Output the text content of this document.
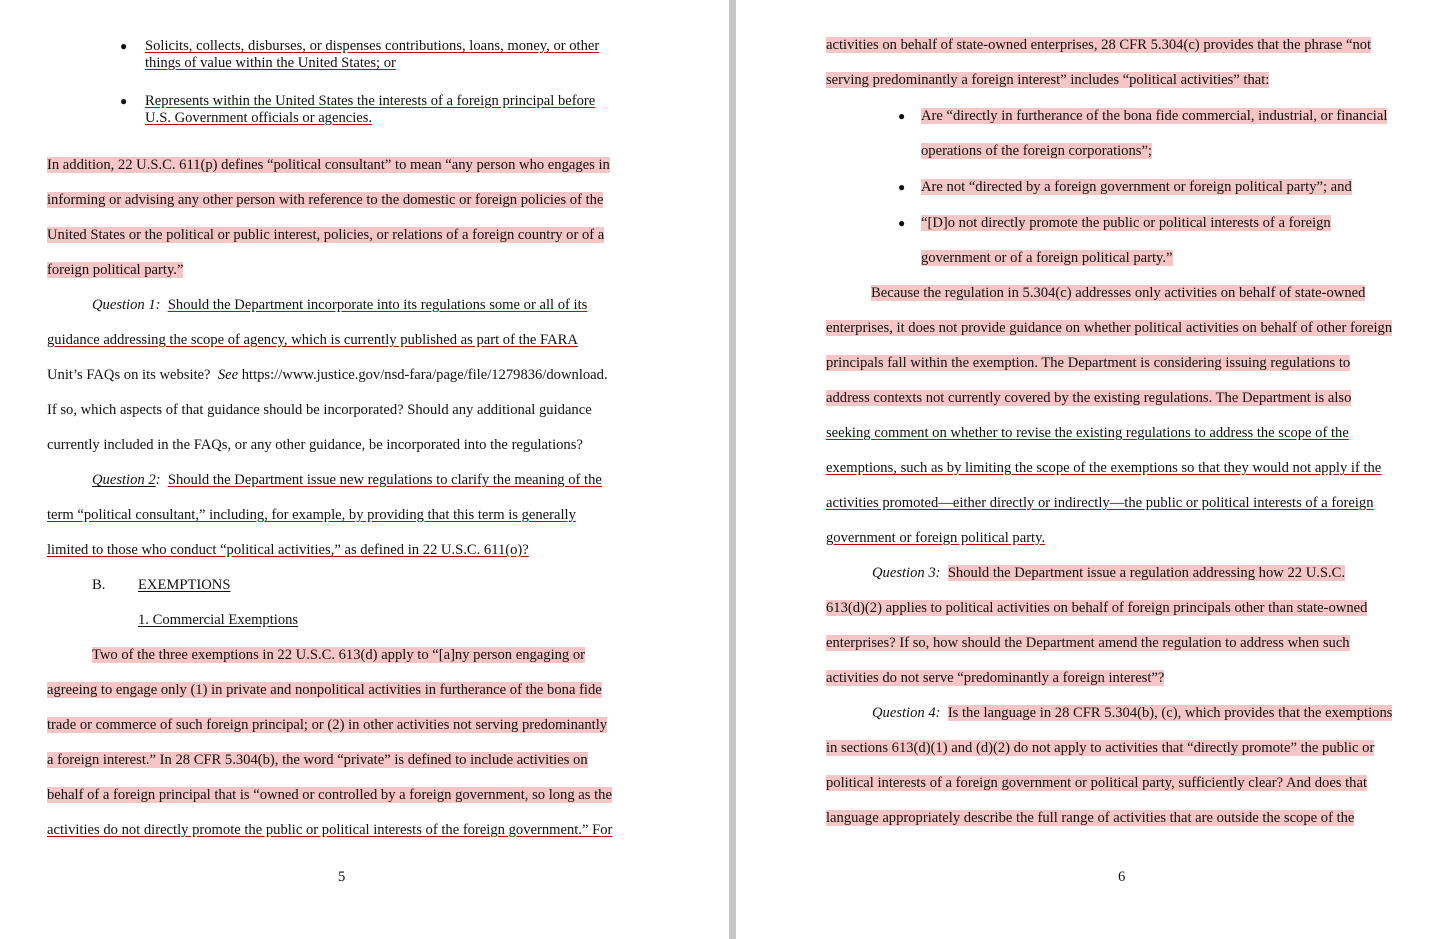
● Solicits, collects, disburses, or dispenses contributions, loans, money, or other
things of value within the United States; or
● Represents within the United States the interests of a foreign principal before
U.S. Government officials or agencies.
In addition, 22 U.S.C. 611(p) defines “political consultant” to mean “any person who engages in
informing or advising any other person with reference to the domestic or foreign policies of the
United States or the political or public interest, policies, or relations of a foreign country or of a
foreign political party.”
Question 1: Should the Department incorporate into its regulations some or all of its
guidance addressing the scope of agency, which is currently published as part of the FARA
Unit’s FAQs on its website? See https://www.justice.gov/nsd-fara/page/file/1279836/download.
If so, which aspects of that guidance should be incorporated? Should any additional guidance
currently included in the FAQs, or any other guidance, be incorporated into the regulations?
Question 2: Should the Department issue new regulations to clarify the meaning of the
term “political consultant,” including, for example, by providing that this term is generally
limited to those who conduct “political activities,” as defined in 22 U.S.C. 611(o)?
B. EXEMPTIONS
1. Commercial Exemptions
Two of the three exemptions in 22 U.S.C. 613(d) apply to “[a]ny person engaging or
agreeing to engage only (1) in private and nonpolitical activities in furtherance of the bona fide
trade or commerce of such foreign principal; or (2) in other activities not serving predominantly
a foreign interest.” In 28 CFR 5.304(b), the word “private” is defined to include activities on
behalf of a foreign principal that is “owned or controlled by a foreign government, so long as the
activities do not directly promote the public or political interests of the foreign government.” For
5
activities on behalf of state-owned enterprises, 28 CFR 5.304(c) provides that the phrase “not
serving predominantly a foreign interest” includes “political activities” that:
● Are “directly in furtherance of the bona fide commercial, industrial, or financial
operations of the foreign corporations”;
● Are not “directed by a foreign government or foreign political party”; and
● “[D]o not directly promote the public or political interests of a foreign
government or of a foreign political party.”
Because the regulation in 5.304(c) addresses only activities on behalf of state-owned
enterprises, it does not provide guidance on whether political activities on behalf of other foreign
principals fall within the exemption. The Department is considering issuing regulations to
address contexts not currently covered by the existing regulations. The Department is also
seeking comment on whether to revise the existing regulations to address the scope of the
exemptions, such as by limiting the scope of the exemptions so that they would not apply if the
activities promoted—either directly or indirectly—the public or political interests of a foreign
government or foreign political party.
Question 3: Should the Department issue a regulation addressing how 22 U.S.C.
613(d)(2) applies to political activities on behalf of foreign principals other than state-owned
enterprises? If so, how should the Department amend the regulation to address when such
activities do not serve “predominantly a foreign interest”?
Question 4: Is the language in 28 CFR 5.304(b), (c), which provides that the exemptions
in sections 613(d)(1) and (d)(2) do not apply to activities that “directly promote” the public or
political interests of a foreign government or political party, sufficiently clear? And does that
language appropriately describe the full range of activities that are outside the scope of the
6
